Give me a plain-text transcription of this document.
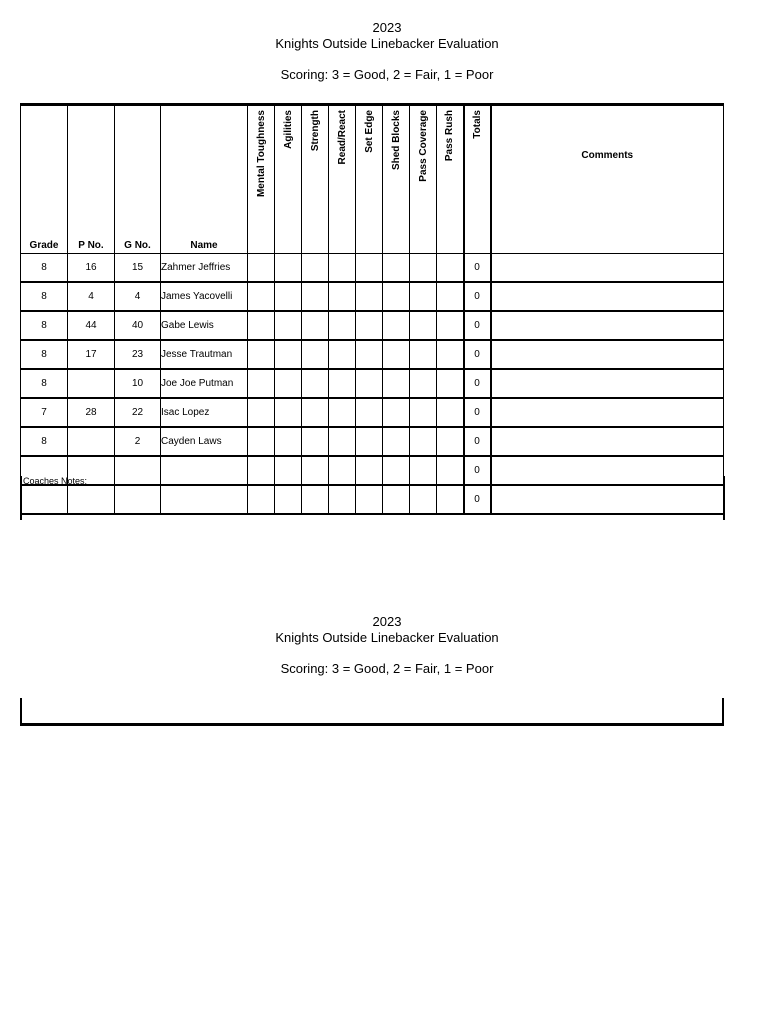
2023
Knights Outside Linebacker Evaluation
Scoring: 3 = Good, 2 = Fair, 1 = Poor
Grade	P No.	G No.	Name	Mental Toughness	Agilities	Strength	Read/React	Set Edge	Shed Blocks	Pass Coverage	Pass Rush	Totals	Comments
8	16	15	Zahmer Jeffries									0	
8	4	4	James Yacovelli									0	
8	44	40	Gabe Lewis									0	
8	17	23	Jesse Trautman									0	
8		10	Joe Joe Putman									0	
7	28	22	Isac Lopez									0	
8		2	Cayden Laws									0	
												0	
												0	
Coaches Notes:
2023
Knights Outside Linebacker Evaluation
Scoring: 3 = Good, 2 = Fair, 1 = Poor
